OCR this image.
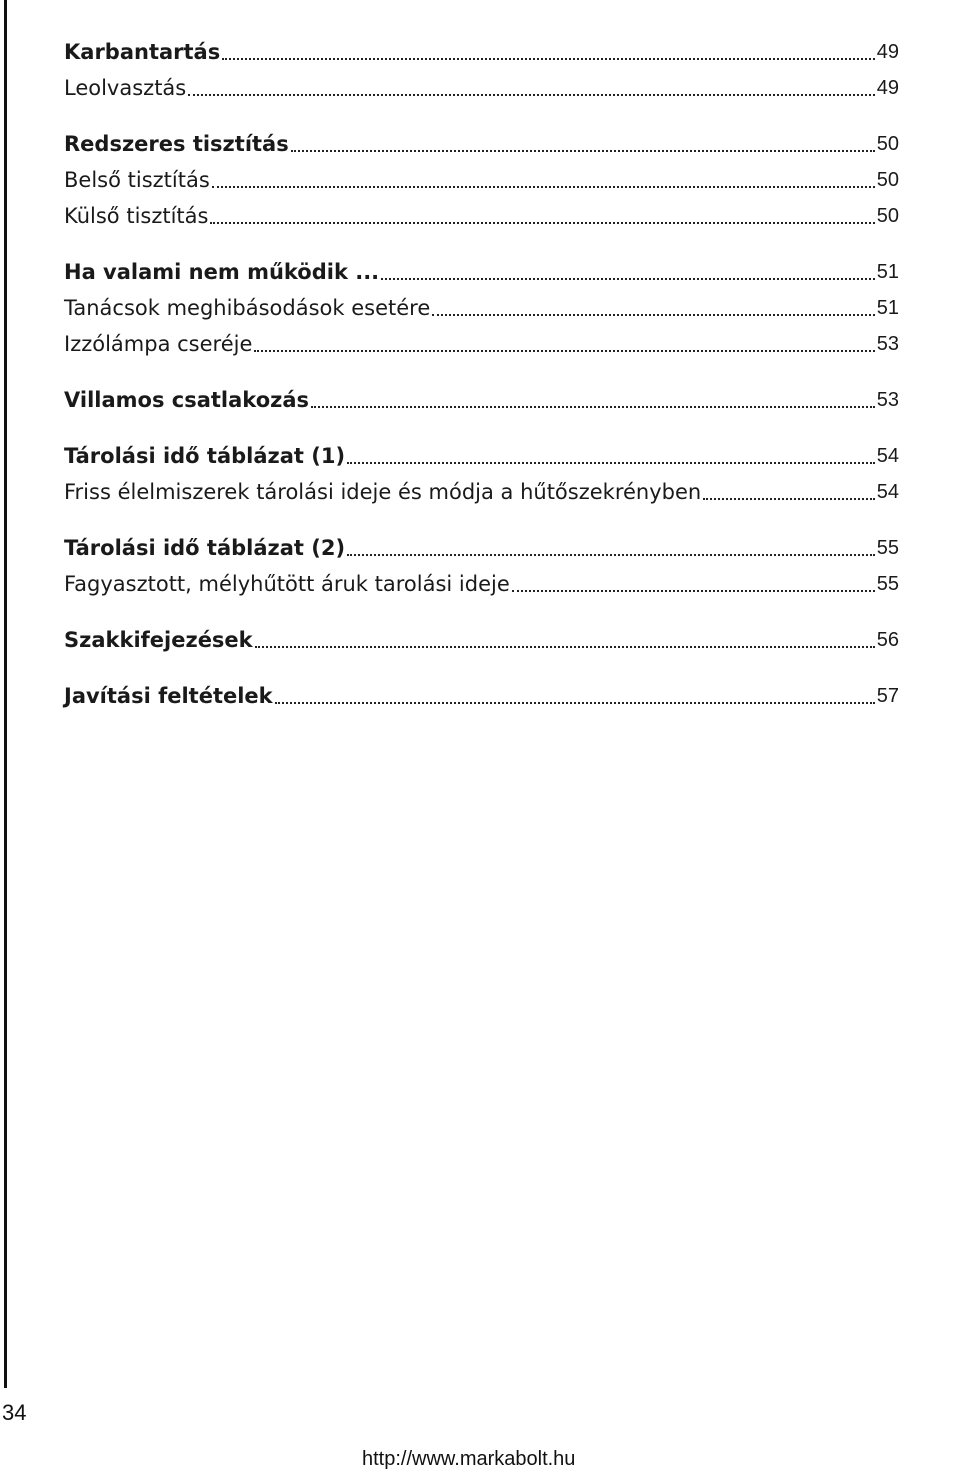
Karbantartás	49
Leolvasztás	49
Redszeres tisztítás	50
Belső tisztítás	50
Külső tisztítás	50
Ha valami nem működik ...	51
Tanácsok meghibásodások esetére	51
Izzólámpa cseréje	53
Villamos csatlakozás	53
Tárolási idő táblázat (1)	54
Friss élelmiszerek tárolási ideje és módja a hűtőszekrényben	54
Tárolási idő táblázat (2)	55
Fagyasztott, mélyhűtött áruk tarolási ideje	55
Szakkifejezések	56
Javítási feltételek	57
34
http://www.markabolt.hu
